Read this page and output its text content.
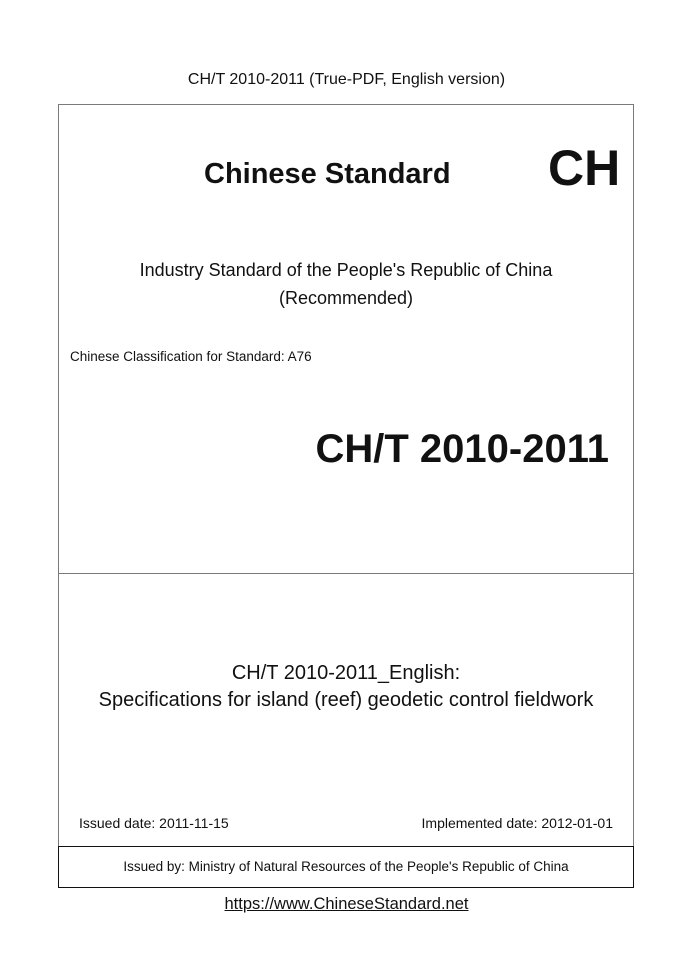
CH/T 2010-2011 (True-PDF, English version)
Chinese Standard CH
Industry Standard of the People's Republic of China
(Recommended)
Chinese Classification for Standard: A76
CH/T 2010-2011
CH/T 2010-2011_English:
Specifications for island (reef) geodetic control fieldwork
Issued date: 2011-11-15	Implemented date: 2012-01-01
Issued by: Ministry of Natural Resources of the People's Republic of China
https://www.ChineseStandard.net
